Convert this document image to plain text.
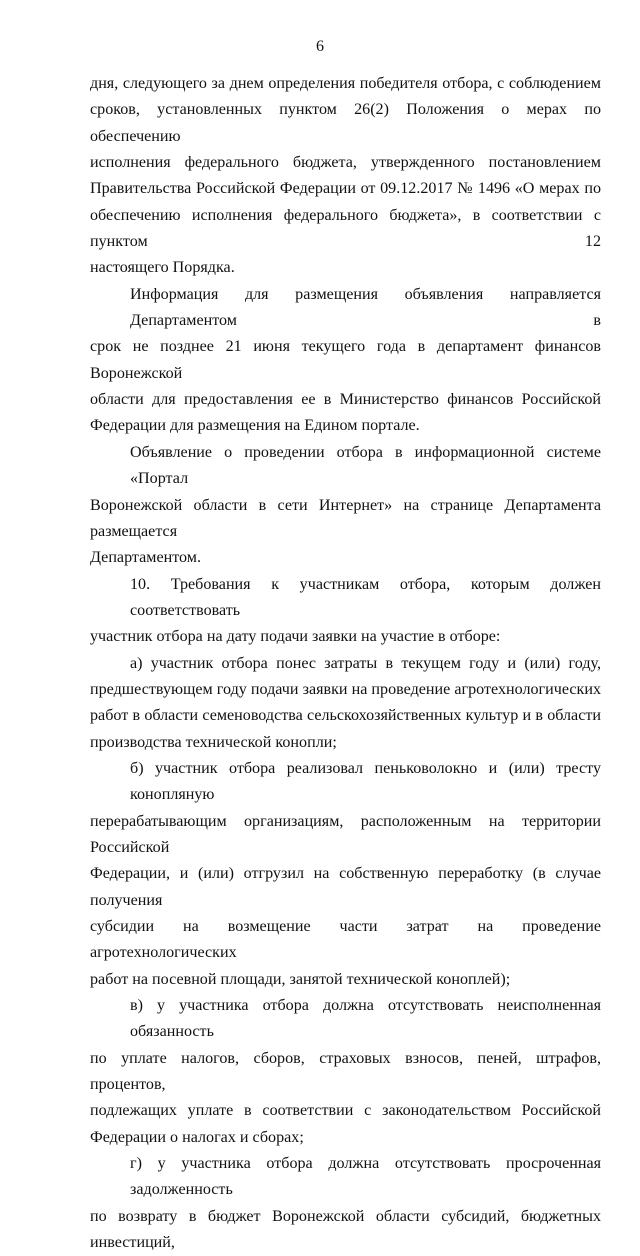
6
дня, следующего за днем определения победителя отбора, с соблюдением
сроков, установленных пунктом 26(2) Положения о мерах по обеспечению
исполнения федерального бюджета, утвержденного постановлением
Правительства Российской Федерации от 09.12.2017 № 1496 «О мерах по
обеспечению исполнения федерального бюджета», в соответствии с пунктом 12
настоящего Порядка.
Информация для размещения объявления направляется Департаментом в
срок не позднее 21 июня текущего года в департамент финансов Воронежской
области для предоставления ее в Министерство финансов Российской
Федерации для размещения на Едином портале.
Объявление о проведении отбора в информационной системе «Портал
Воронежской области в сети Интернет» на странице Департамента размещается
Департаментом.
10. Требования к участникам отбора, которым должен соответствовать
участник отбора на дату подачи заявки на участие в отборе:
а) участник отбора понес затраты в текущем году и (или) году,
предшествующем году подачи заявки на проведение агротехнологических
работ в области семеноводства сельскохозяйственных культур и в области
производства технической конопли;
б) участник отбора реализовал пеньковолокно и (или) тресту конопляную
перерабатывающим организациям, расположенным на территории Российской
Федерации, и (или) отгрузил на собственную переработку (в случае получения
субсидии на возмещение части затрат на проведение агротехнологических
работ на посевной площади, занятой технической коноплей);
в) у участника отбора должна отсутствовать неисполненная обязанность
по уплате налогов, сборов, страховых взносов, пеней, штрафов, процентов,
подлежащих уплате в соответствии с законодательством Российской
Федерации о налогах и сборах;
г) у участника отбора должна отсутствовать просроченная задолженность
по возврату в бюджет Воронежской области субсидий, бюджетных инвестиций,
